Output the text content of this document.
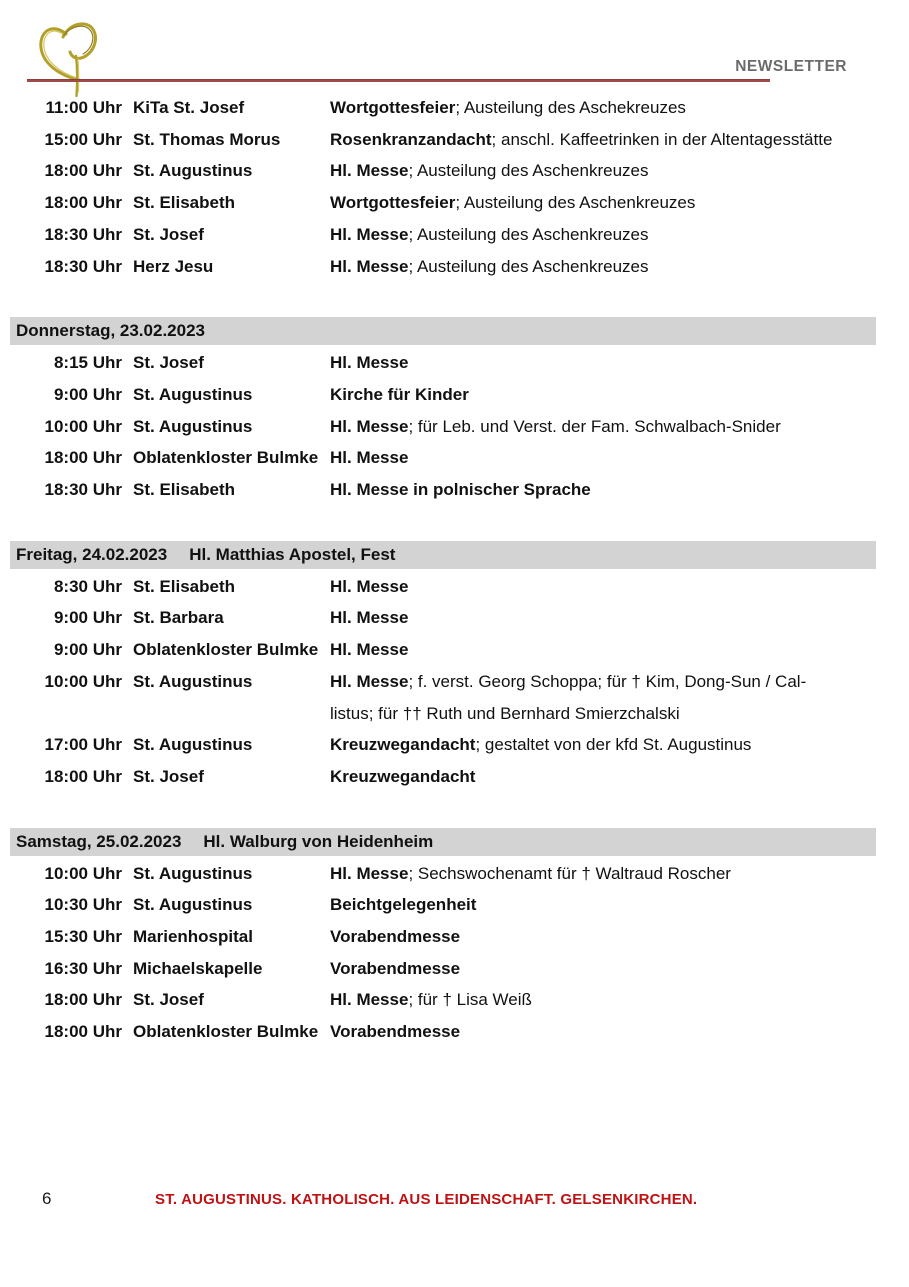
NEWSLETTER
11:00 Uhr KiTa St. Josef	Wortgottesfeier; Austeilung des Aschekreuzes
15:00 Uhr St. Thomas Morus	Rosenkranzandacht; anschl. Kaffeetrinken in der Altentagesstätte
18:00 Uhr St. Augustinus	Hl. Messe; Austeilung des Aschenkreuzes
18:00 Uhr St. Elisabeth	Wortgottesfeier; Austeilung des Aschenkreuzes
18:30 Uhr St. Josef	Hl. Messe; Austeilung des Aschenkreuzes
18:30 Uhr Herz Jesu	Hl. Messe; Austeilung des Aschenkreuzes
Donnerstag, 23.02.2023
8:15 Uhr St. Josef	Hl. Messe
9:00 Uhr St. Augustinus	Kirche für Kinder
10:00 Uhr St. Augustinus	Hl. Messe; für Leb. und Verst. der Fam. Schwalbach-Snider
18:00 Uhr Oblatenkloster Bulmke Hl. Messe
18:30 Uhr St. Elisabeth	Hl. Messe in polnischer Sprache
Freitag, 24.02.2023 Hl. Matthias Apostel, Fest
8:30 Uhr St. Elisabeth	Hl. Messe
9:00 Uhr St. Barbara	Hl. Messe
9:00 Uhr Oblatenkloster Bulmke Hl. Messe
10:00 Uhr St. Augustinus	Hl. Messe; f. verst. Georg Schoppa; für † Kim, Dong-Sun / Callistus; für †† Ruth und Bernhard Smierzchalski
17:00 Uhr St. Augustinus	Kreuzwegandacht; gestaltet von der kfd St. Augustinus
18:00 Uhr St. Josef	Kreuzwegandacht
Samstag, 25.02.2023 Hl. Walburg von Heidenheim
10:00 Uhr St. Augustinus	Hl. Messe; Sechswochenamt für † Waltraud Roscher
10:30 Uhr St. Augustinus	Beichtgelegenheit
15:30 Uhr Marienhospital	Vorabendmesse
16:30 Uhr Michaelskapelle	Vorabendmesse
18:00 Uhr St. Josef	Hl. Messe; für † Lisa Weiß
18:00 Uhr Oblatenkloster Bulmke Vorabendmesse
6	ST. AUGUSTINUS. KATHOLISCH. AUS LEIDENSCHAFT. GELSENKIRCHEN.
